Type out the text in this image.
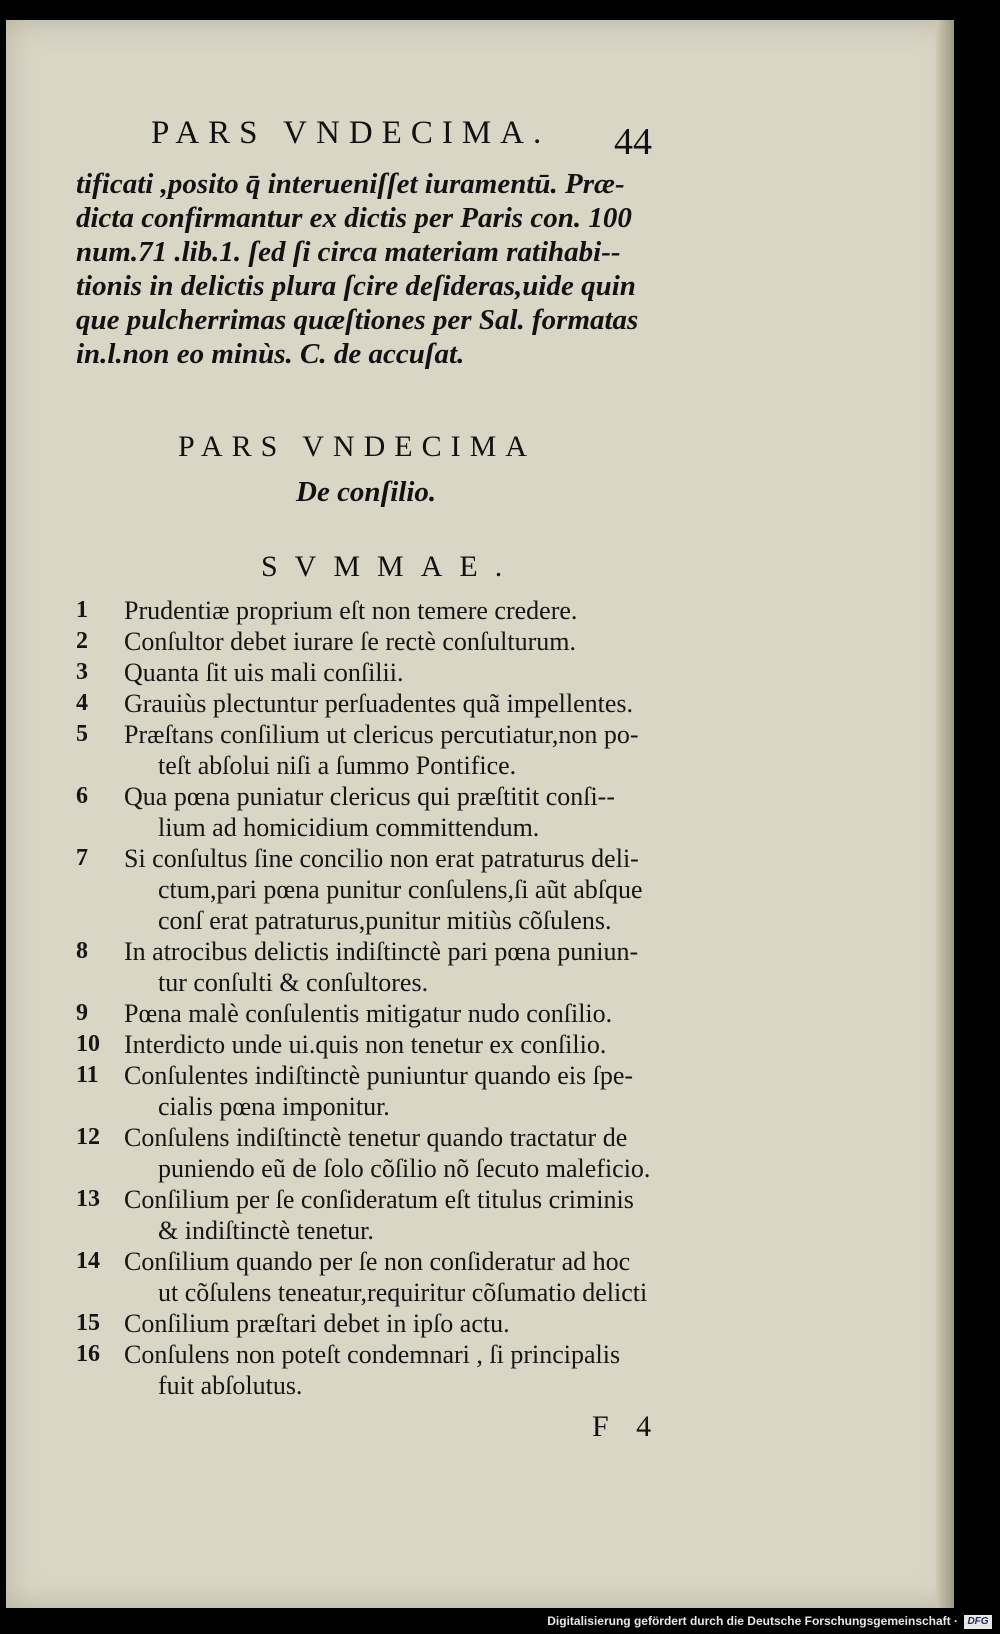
PARS VNDECIMA. 44
tificati ,posito q̄ interueniſſet iuramentū. Præ-
dicta confirmantur ex dictis per Paris con. 100
num.71 .lib.1. ſed ſi circa materiam ratihabi--
tionis in delictis plura ſcire deſideras,uide quin
que pulcherrimas quæſtiones per Sal. formatas
in.l.non eo minùs. C. de accuſat.
PARS VNDECIMA
De conſilio.
SVMMAE.
1	Prudentiæ proprium eſt non temere credere.
2	Conſultor debet iurare ſe rectè conſulturum.
3	Quanta ſit uis mali conſilii.
4	Grauiùs plectuntur perſuadentes quã impellentes.
5	Præſtans conſilium ut clericus percutiatur,non po-
teſt abſolui niſi a ſummo Pontifice.
6	Qua pœna puniatur clericus qui præſtitit conſi--
lium ad homicidium committendum.
7	Si conſultus ſine concilio non erat patraturus deli-
ctum,pari pœna punitur conſulens,ſi aũt abſque
conſ erat patraturus,punitur mitiùs cõſulens.
8	In atrocibus delictis indiſtinctè pari pœna puniun-
tur conſulti & conſultores.
9	Pœna malè conſulentis mitigatur nudo conſilio.
10 Interdicto unde ui.quis non tenetur ex conſilio.
11 Conſulentes indiſtinctè puniuntur quando eis ſpe-
cialis pœna imponitur.
12 Conſulens indiſtinctè tenetur quando tractatur de
puniendo eũ de ſolo cõſilio nõ ſecuto maleficio.
13 Conſilium per ſe conſideratum eſt titulus criminis
& indiſtinctè tenetur.
14 Conſilium quando per ſe non conſideratur ad hoc
ut cõſulens teneatur,requiritur cõſumatio delicti
15 Conſilium præſtari debet in ipſo actu.
16 Conſulens non poteſt condemnari , ſi principalis
fuit abſolutus.
F 4
Digitalisierung gefördert durch die Deutsche Forschungsgemeinschaft · DFG
